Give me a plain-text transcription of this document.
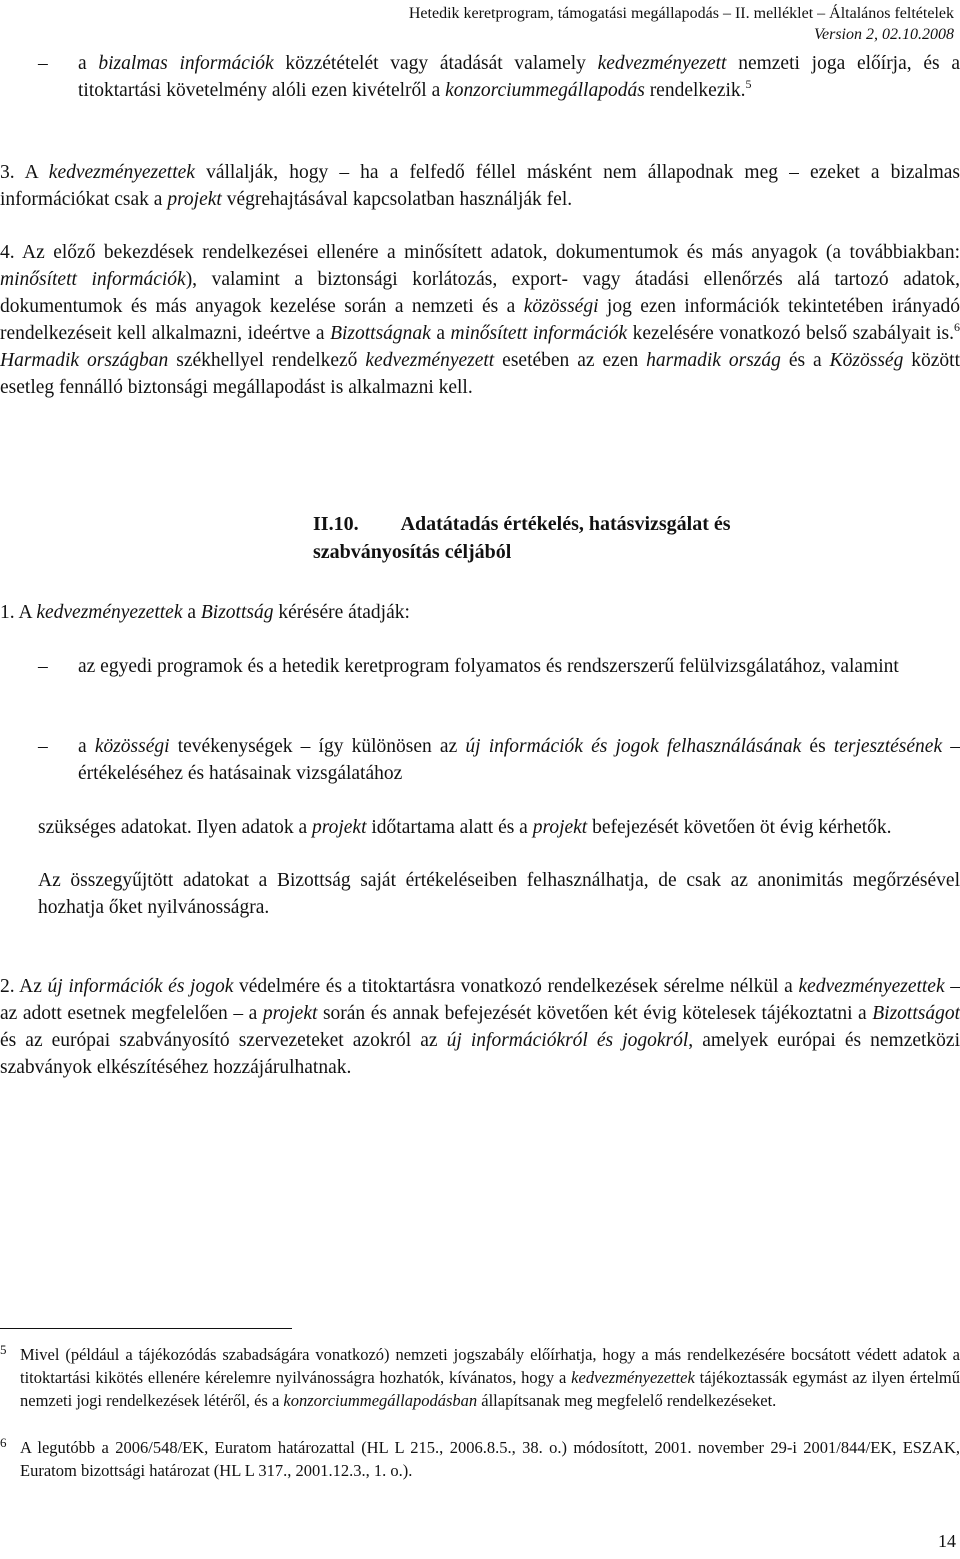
Hetedik keretprogram, támogatási megállapodás – II. melléklet – Általános feltételek
Version 2, 02.10.2008
– a bizalmas információk közzétételét vagy átadását valamely kedvezményezett nemzeti joga előírja, és a titoktartási követelmény alóli ezen kivételről a konzorciummegállapodás rendelkezik.$^5$

3. A kedvezményezettek vállalják, hogy – ha a felfedő féllel másként nem állapodnak meg – ezeket a bizalmas információkat csak a projekt végrehajtásával kapcsolatban használják fel.

4. Az előző bekezdések rendelkezései ellenére a minősített adatok, dokumentumok és más anyagok (a továbbiakban: minősített információk), valamint a biztonsági korlátozás, export- vagy átadási ellenőrzés alá tartozó adatok, dokumentumok és más anyagok kezelése során a nemzeti és a közösségi jog ezen információk tekintetében irányadó rendelkezéseit kell alkalmazni, ideértve a Bizottságnak a minősített információk kezelésére vonatkozó belső szabályait is.$^6$ Harmadik országban székhellyel rendelkező kedvezményezett esetében az ezen harmadik ország és a Közösség között esetleg fennálló biztonsági megállapodást is alkalmazni kell.

II.10. Adatátadás értékelés, hatásvizsgálat és
szabványosítás céljából

1. A kedvezményezettek a Bizottság kérésére átadják:

– az egyedi programok és a hetedik keretprogram folyamatos és rendszerszerű felülvizsgálatához, valamint

– a közösségi tevékenységek – így különösen az új információk és jogok felhasználásának és terjesztésének – értékeléséhez és hatásainak vizsgálatához

szükséges adatokat. Ilyen adatok a projekt időtartama alatt és a projekt befejezését követően öt évig kérhetők.

Az összegyűjtött adatokat a Bizottság saját értékeléseiben felhasználhatja, de csak az anonimitás megőrzésével hozhatja őket nyilvánosságra.

2. Az új információk és jogok védelmére és a titoktartásra vonatkozó rendelkezések sérelme nélkül a kedvezményezettek – az adott esetnek megfelelően – a projekt során és annak befejezését követően két évig kötelesek tájékoztatni a Bizottságot és az európai szabványosító szervezeteket azokról az új információkról és jogokról, amelyek európai és nemzetközi szabványok elkészítéséhez hozzájárulhatnak.

5 Mivel (például a tájékozódás szabadságára vonatkozó) nemzeti jogszabály előírhatja, hogy a más rendelkezésére bocsátott védett adatok a titoktartási kikötés ellenére kérelemre nyilvánosságra hozhatók, kívánatos, hogy a kedvezményezettek tájékoztassák egymást az ilyen értelmű nemzeti jogi rendelkezések létéről, és a konzorciummegállapodásban állapítsanak meg megfelelő rendelkezéseket.

6 A legutóbb a 2006/548/EK, Euratom határozattal (HL L 215., 2006.8.5., 38. o.) módosított, 2001. november 29-i 2001/844/EK, ESZAK, Euratom bizottsági határozat (HL L 317., 2001.12.3., 1. o.).

14
